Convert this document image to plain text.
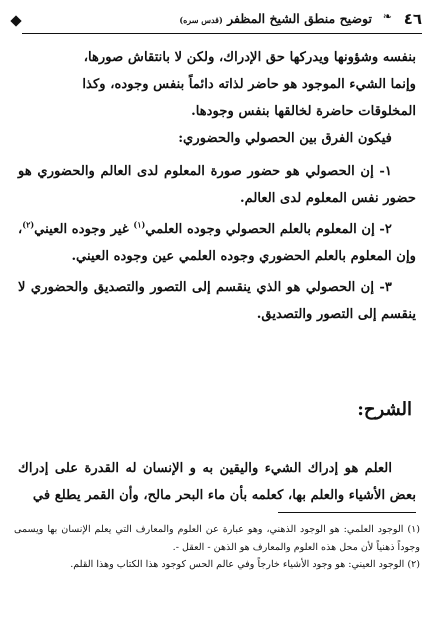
٤٦
❧
توضيح منطق الشيخ المظفر (قدس سره)

بنفسه وشؤونها ويدركها حق الإدراك، ولكن لا بانتقاش صورها،

وإنما الشيء الموجود هو حاضر لذاته دائماً بنفس وجوده، وكذا

المخلوقات حاضرة لخالقها بنفس وجودها.

فيكون الفرق بين الحصولي والحضوري:

١- إن الحصولي هو حضور صورة المعلوم لدى العالم والحضوري هو حضور نفس المعلوم لدى العالم.

٢- إن المعلوم بالعلم الحصولي وجوده العلمي$^{(١)}$ غير وجوده العيني$^{(٢)}$، وإن المعلوم بالعلم الحضوري وجوده العلمي عين وجوده العيني.

٣- إن الحصولي هو الذي ينقسم إلى التصور والتصديق والحضوري لا ينقسم إلى التصور والتصديق.

الشرح:

العلم هو إدراك الشيء واليقين به و الإنسان له القدرة على إدراك بعض الأشياء والعلم بها، كعلمه بأن ماء البحر مالح، وأن القمر يطلع في

(١) الوجود العلمي: هو الوجود الذهني، وهو عبارة عن العلوم والمعارف التي يعلم الإنسان بها ويسمى وجوداً ذهنياً لأن محل هذه العلوم والمعارف هو الذهن - العقل -.

(٢) الوجود العيني: هو وجود الأشياء خارجاً وفي عالم الحس كوجود هذا الكتاب وهذا القلم.
